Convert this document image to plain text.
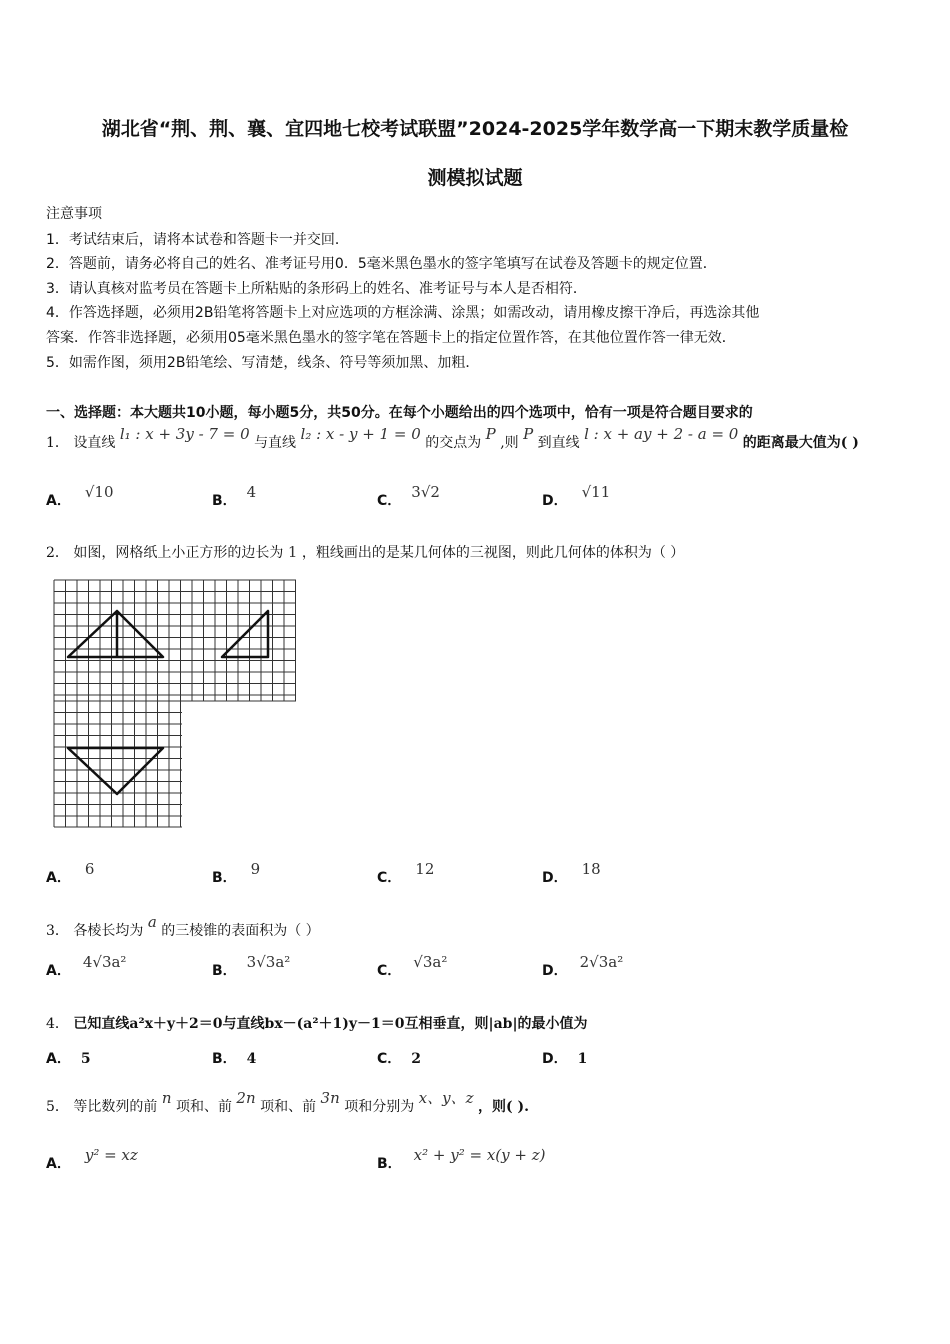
湖北省“荆、荆、襄、宜四地七校考试联盟”2024-2025学年数学高一下期末教学质量检
测模拟试题
注意事项
1．考试结束后，请将本试卷和答题卡一并交回．
2．答题前，请务必将自己的姓名、准考证号用0．5毫米黑色墨水的签字笔填写在试卷及答题卡的规定位置．
3．请认真核对监考员在答题卡上所粘贴的条形码上的姓名、准考证号与本人是否相符．
4．作答选择题，必须用2B铅笔将答题卡上对应选项的方框涂满、涂黑；如需改动，请用橡皮擦干净后，再选涂其他
答案．作答非选择题，必须用05毫米黑色墨水的签字笔在答题卡上的指定位置作答，在其他位置作答一律无效．
5．如需作图，须用2B铅笔绘、写清楚，线条、符号等须加黑、加粗．
一、选择题：本大题共10小题，每小题5分，共50分。在每个小题给出的四个选项中，恰有一项是符合题目要求的
1． 设直线 l₁ : x + 3y - 7 = 0 与直线 l₂ : x - y + 1 = 0 的交点为 P ,则 P 到直线 l : x + ay + 2 - a = 0 的距离最大值为( )
A． √10	B． 4	C． 3√2	D． √11
2． 如图，网格纸上小正方形的边长为 1 ，粗线画出的是某几何体的三视图，则此几何体的体积为（ ）
A． 6	B． 9	C． 12	D． 18
3． 各棱长均为 a 的三棱锥的表面积为（ ）
A． 4√3a²	B． 3√3a²	C． √3a²	D． 2√3a²
4． 已知直线a²x＋y＋2＝0与直线bx－(a²＋1)y－1＝0互相垂直，则|ab|的最小值为
A． 5	B． 4	C． 2	D． 1
5． 等比数列的前 n 项和、前 2n 项和、前 3n 项和分别为 x、y、z ，则( ).
A． y² = xz	B． x² + y² = x(y + z)
